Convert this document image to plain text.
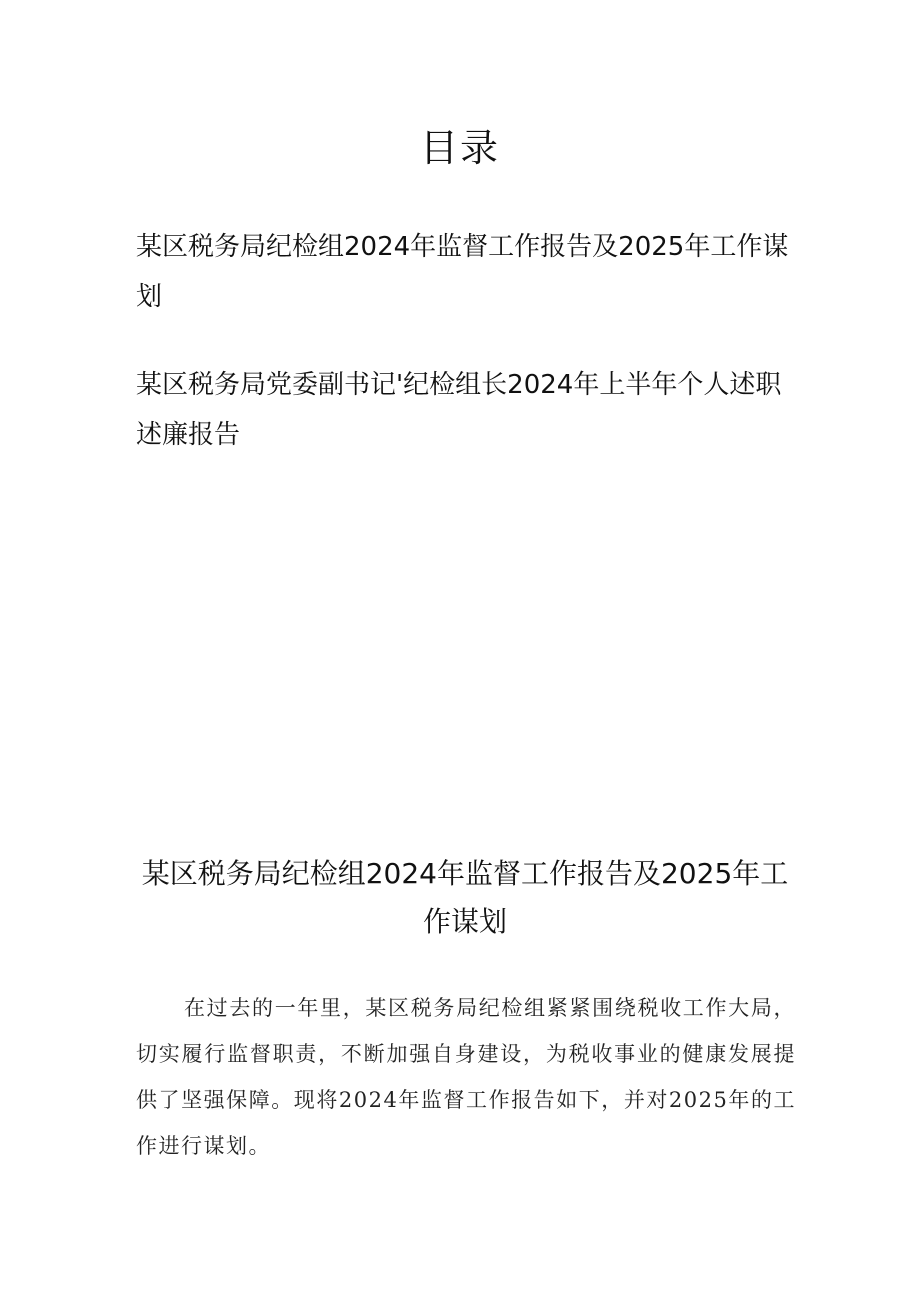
目录
某区税务局纪检组2024年监督工作报告及2025年工作谋划
某区税务局党委副书记'纪检组长2024年上半年个人述职述廉报告
某区税务局纪检组2024年监督工作报告及2025年工作谋划

在过去的一年里，某区税务局纪检组紧紧围绕税收工作大局，切实履行监督职责，不断加强自身建设，为税收事业的健康发展提供了坚强保障。现将2024年监督工作报告如下，并对2025年的工作进行谋划。
